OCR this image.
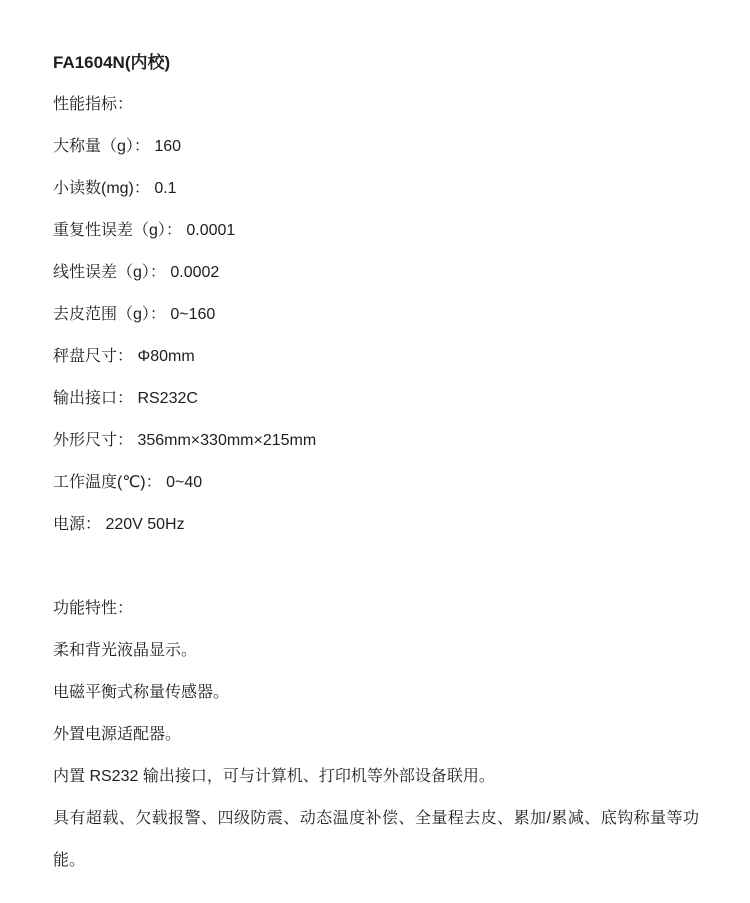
FA1604N(内校)
性能指标：
大称量（g）： 160
小读数(mg)： 0.1
重复性误差（g）： 0.0001
线性误差（g）： 0.0002
去皮范围（g）： 0~160
秤盘尺寸： Φ80mm
输出接口： RS232C
外形尺寸： 356mm×330mm×215mm
工作温度(℃)： 0~40
电源： 220V 50Hz
功能特性：
柔和背光液晶显示。
电磁平衡式称量传感器。
外置电源适配器。
内置 RS232 输出接口，可与计算机、打印机等外部设备联用。
具有超载、欠载报警、四级防震、动态温度补偿、全量程去皮、累加/累减、底钩称量等功能。
